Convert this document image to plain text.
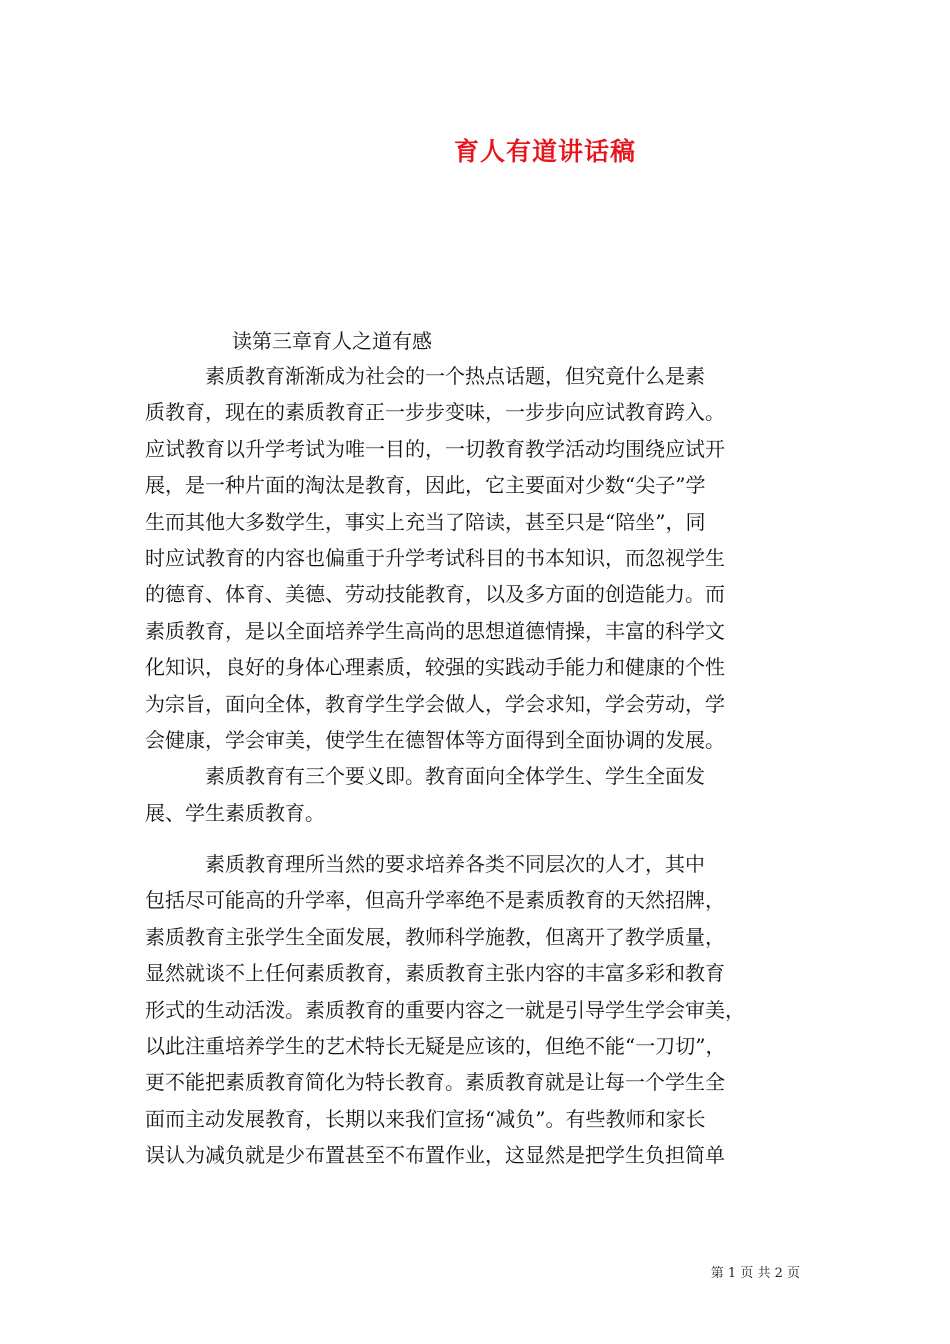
育人有道讲话稿
读第三章育人之道有感
　　　素质教育渐渐成为社会的一个热点话题，但究竟什么是素
质教育，现在的素质教育正一步步变味，一步步向应试教育跨入。
应试教育以升学考试为唯一目的，一切教育教学活动均围绕应试开
展，是一种片面的淘汰是教育，因此，它主要面对少数“尖子”学
生而其他大多数学生，事实上充当了陪读，甚至只是“陪坐”，同
时应试教育的内容也偏重于升学考试科目的书本知识，而忽视学生
的德育、体育、美德、劳动技能教育，以及多方面的创造能力。而
素质教育，是以全面培养学生高尚的思想道德情操，丰富的科学文
化知识，良好的身体心理素质，较强的实践动手能力和健康的个性
为宗旨，面向全体，教育学生学会做人，学会求知，学会劳动，学
会健康，学会审美，使学生在德智体等方面得到全面协调的发展。
　　　素质教育有三个要义即。教育面向全体学生、学生全面发
展、学生素质教育。
　　　素质教育理所当然的要求培养各类不同层次的人才，其中
包括尽可能高的升学率，但高升学率绝不是素质教育的天然招牌，
素质教育主张学生全面发展，教师科学施教，但离开了教学质量，
显然就谈不上任何素质教育，素质教育主张内容的丰富多彩和教育
形式的生动活泼。素质教育的重要内容之一就是引导学生学会审美，
以此注重培养学生的艺术特长无疑是应该的，但绝不能“一刀切”，
更不能把素质教育简化为特长教育。素质教育就是让每一个学生全
面而主动发展教育，长期以来我们宣扬“减负”。有些教师和家长
误认为减负就是少布置甚至不布置作业，这显然是把学生负担简单
第 1 页 共 2 页
